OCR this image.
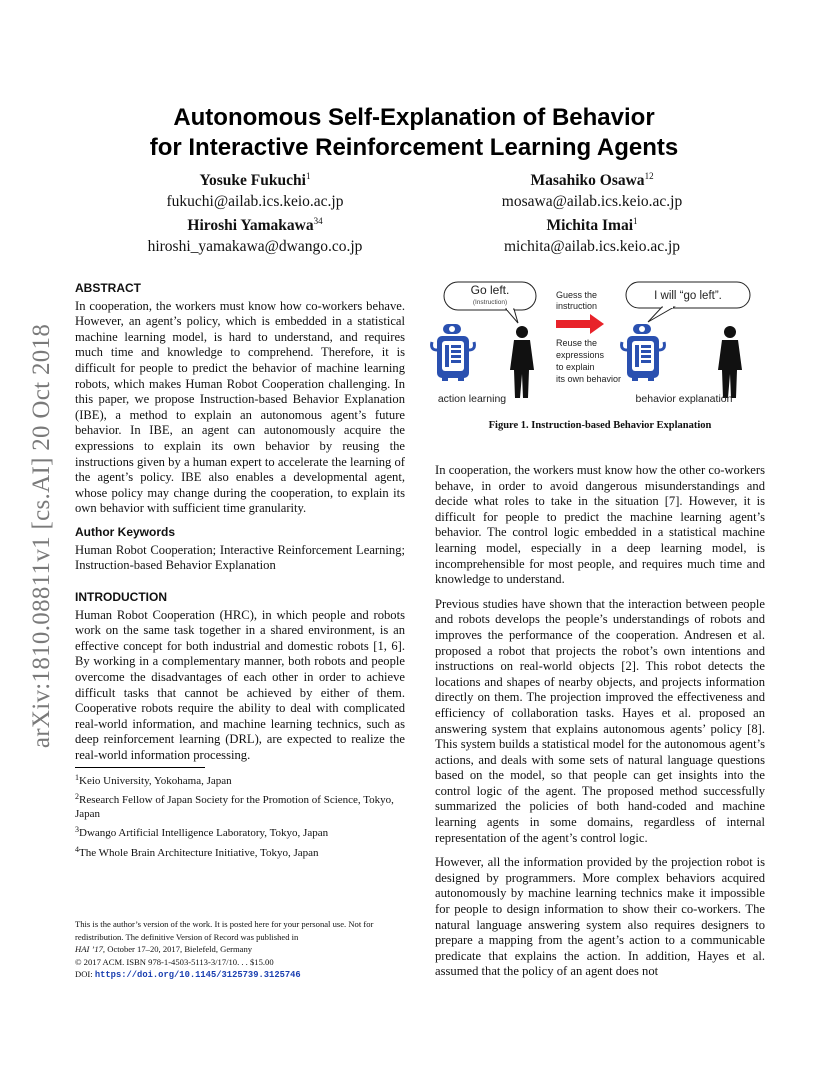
arXiv:1810.08811v1 [cs.AI] 20 Oct 2018
Autonomous Self-Explanation of Behavior
for Interactive Reinforcement Learning Agents
Yosuke Fukuchi$^1$
fukuchi@ailab.ics.keio.ac.jp
Masahiko Osawa$^{12}$
mosawa@ailab.ics.keio.ac.jp
Hiroshi Yamakawa$^{34}$
hiroshi_yamakawa@dwango.co.jp
Michita Imai$^1$
michita@ailab.ics.keio.ac.jp
ABSTRACT

In cooperation, the workers must know how co-workers behave. However, an agent’s policy, which is embedded in a statistical machine learning model, is hard to understand, and requires much time and knowledge to comprehend. Therefore, it is difficult for people to predict the behavior of machine learning robots, which makes Human Robot Cooperation challenging. In this paper, we propose Instruction-based Behavior Explanation (IBE), a method to explain an autonomous agent’s future behavior. In IBE, an agent can autonomously acquire the expressions to explain its own behavior by reusing the instructions given by a human expert to accelerate the learning of the agent’s policy. IBE also enables a developmental agent, whose policy may change during the cooperation, to explain its own behavior with sufficient time granularity.

Author Keywords

Human Robot Cooperation; Interactive Reinforcement Learning; Instruction-based Behavior Explanation

INTRODUCTION

Human Robot Cooperation (HRC), in which people and robots work on the same task together in a shared environment, is an effective concept for both industrial and domestic robots [1, 6]. By working in a complementary manner, both robots and people overcome the disadvantages of each other in order to achieve difficult tasks that cannot be achieved by either of them. Cooperative robots require the ability to deal with complicated real-world information, and machine learning technics, such as deep reinforcement learning (DRL), are expected to realize the real-world information processing.

$^1$Keio University, Yokohama, Japan
$^2$Research Fellow of Japan Society for the Promotion of Science, Tokyo, Japan
$^3$Dwango Artificial Intelligence Laboratory, Tokyo, Japan
$^4$The Whole Brain Architecture Initiative, Tokyo, Japan
This is the author’s version of the work. It is posted here for your personal use. Not for redistribution. The definitive Version of Record was published in
HAI ’17, October 17–20, 2017, Bielefeld, Germany
© 2017 ACM. ISBN 978-1-4503-5113-3/17/10. . . $15.00
DOI: https://doi.org/10.1145/3125739.3125746
Go left.
(Instruction)
action learning
Guess the
instruction
Reuse the
expressions
to explain
its own behavior
I will “go left”.
behavior explanation
Figure 1. Instruction-based Behavior Explanation

In cooperation, the workers must know how the other co-workers behave, in order to avoid dangerous misunderstandings and decide what roles to take in the situation [7]. However, it is difficult for people to predict the machine learning agent’s behavior. The control logic embedded in a statistical machine learning model, especially in a deep learning model, is incomprehensible for most people, and requires much time and knowledge to understand.

Previous studies have shown that the interaction between people and robots develops the people’s understandings of robots and improves the performance of the cooperation. Andresen et al. proposed a robot that projects the robot’s own intentions and instructions on real-world objects [2]. This robot detects the locations and shapes of nearby objects, and projects information directly on them. The projection improved the effectiveness and efficiency of collaboration tasks. Hayes et al. proposed an answering system that explains autonomous agents’ policy [8]. This system builds a statistical model for the autonomous agent’s actions, and deals with some sets of natural language questions based on the model, so that people can get insights into the control logic of the agent. The proposed method successfully summarized the policies of both hand-coded and machine learning agents in some domains, regardless of internal representation of the agent’s control logic.

However, all the information provided by the projection robot is designed by programmers. More complex behaviors acquired autonomously by machine learning technics make it impossible for people to design information to show their co-workers. The natural language answering system also requires designers to prepare a mapping from the agent’s action to a communicable predicate that explains the action. In addition, Hayes et al. assumed that the policy of an agent does not
